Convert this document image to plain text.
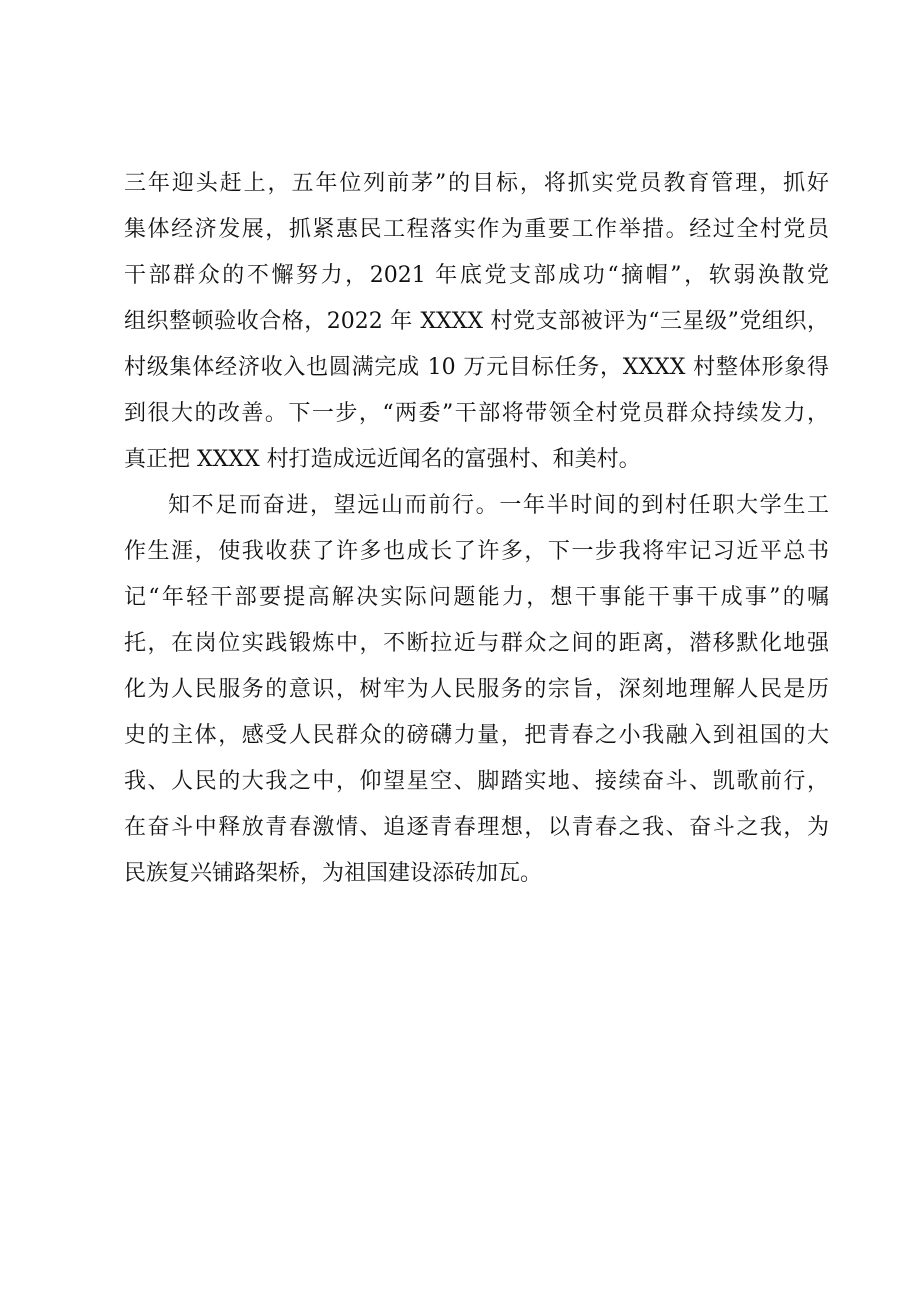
三年迎头赶上，五年位列前茅”的目标，将抓实党员教育管理，抓好
集体经济发展，抓紧惠民工程落实作为重要工作举措。经过全村党员
干部群众的不懈努力，2021 年底党支部成功“摘帽”，软弱涣散党
组织整顿验收合格，2022 年 XXXX 村党支部被评为“三星级”党组织，
村级集体经济收入也圆满完成 10 万元目标任务，XXXX 村整体形象得
到很大的改善。下一步，“两委”干部将带领全村党员群众持续发力，
真正把 XXXX 村打造成远近闻名的富强村、和美村。
知不足而奋进，望远山而前行。一年半时间的到村任职大学生工
作生涯，使我收获了许多也成长了许多，下一步我将牢记习近平总书
记“年轻干部要提高解决实际问题能力，想干事能干事干成事”的嘱
托，在岗位实践锻炼中，不断拉近与群众之间的距离，潜移默化地强
化为人民服务的意识，树牢为人民服务的宗旨，深刻地理解人民是历
史的主体，感受人民群众的磅礴力量，把青春之小我融入到祖国的大
我、人民的大我之中，仰望星空、脚踏实地、接续奋斗、凯歌前行，
在奋斗中释放青春激情、追逐青春理想，以青春之我、奋斗之我，为
民族复兴铺路架桥，为祖国建设添砖加瓦。
